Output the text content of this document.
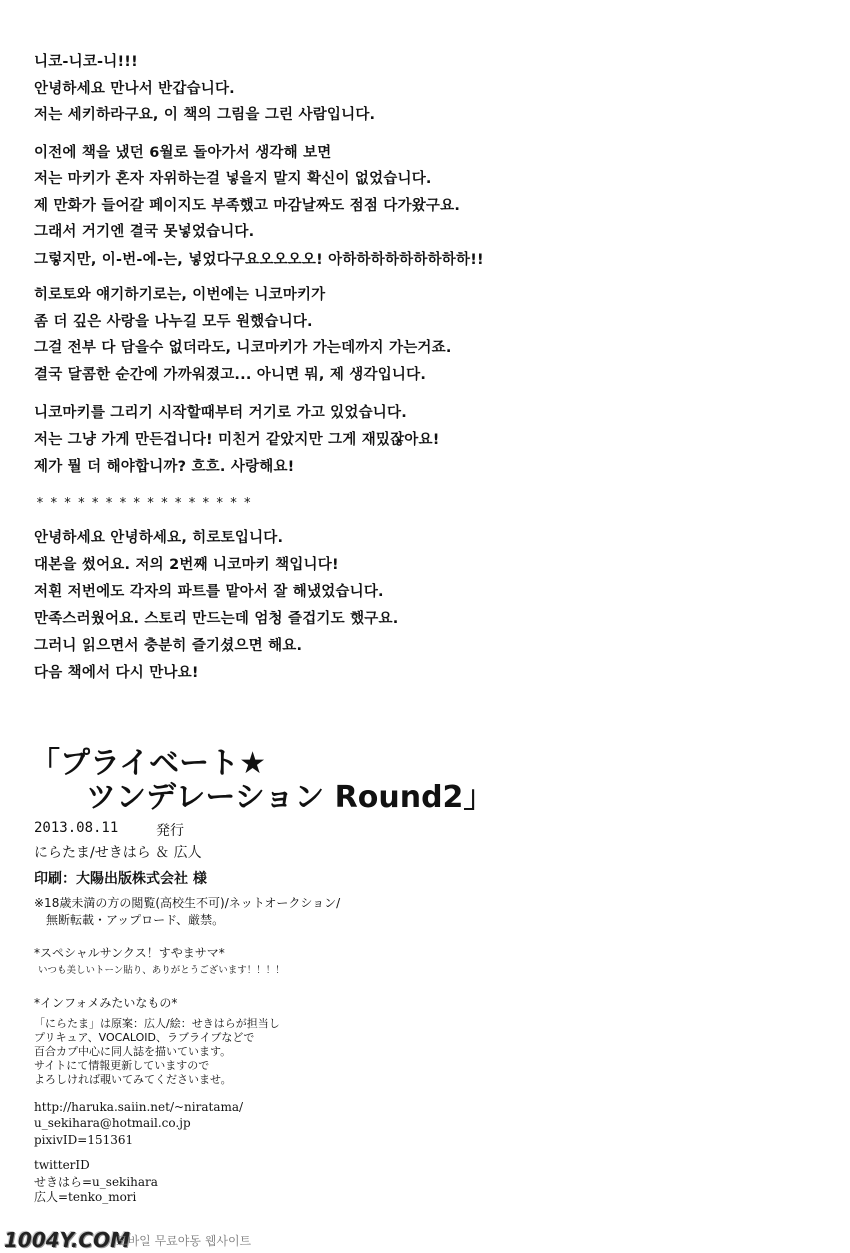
니코-니코-니!!!
안녕하세요 만나서 반갑습니다.
저는 세키하라구요, 이 책의 그림을 그린 사람입니다.
이전에 책을 냈던 6월로 돌아가서 생각해 보면
저는 마키가 혼자 자위하는걸 넣을지 말지 확신이 없었습니다.
제 만화가 들어갈 페이지도 부족했고 마감날짜도 점점 다가왔구요.
그래서 거기엔 결국 못넣었습니다.
그렇지만, 이-번-에-는, 넣었다구요오오오오! 아하하하하하하하하하!!
히로토와 얘기하기로는, 이번에는 니코마키가
좀 더 깊은 사랑을 나누길 모두 원했습니다.
그걸 전부 다 담을수 없더라도, 니코마키가 가는데까지 가는거죠.
결국 달콤한 순간에 가까워졌고... 아니면 뭐, 제 생각입니다.
니코마키를 그리기 시작할때부터 거기로 가고 있었습니다.
저는 그냥 가게 만든겁니다! 미친거 같았지만 그게 재밌잖아요!
제가 뭘 더 해야합니까? 흐흐. 사랑해요!
****************
안녕하세요 안녕하세요, 히로토입니다.
대본을 썼어요. 저의 2번째 니코마키 책입니다!
저흰 저번에도 각자의 파트를 맡아서 잘 해냈었습니다.
만족스러웠어요. 스토리 만드는데 엄청 즐겁기도 했구요.
그러니 읽으면서 충분히 즐기셨으면 해요.
다음 책에서 다시 만나요!
「プライベート★
ツンデレーション Round2」
2013.08.11	発行
にらたま/せきはら ＆ 広人
印刷：大陽出版株式会社 様
※18歳未満の方の閲覧(高校生不可)/ネットオークション/
無断転載・アップロード、厳禁。
*スペシャルサンクス！すやまサマ*
いつも美しいトーン貼り、ありがとうございます！！！！
*インフォメみたいなもの*
「にらたま」は原案：広人/絵：せきはらが担当し
プリキュア、VOCALOID、ラブライブなどで
百合カプ中心に同人誌を描いています。
サイトにて情報更新していますので
よろしければ覗いてみてくださいませ。
http://haruka.saiin.net/~niratama/
u_sekihara@hotmail.co.jp
pixivID=151361
twitterID
せきはら=u_sekihara
広人=tenko_mori
1004Y.COM
모바일 무료야동 웹사이트
